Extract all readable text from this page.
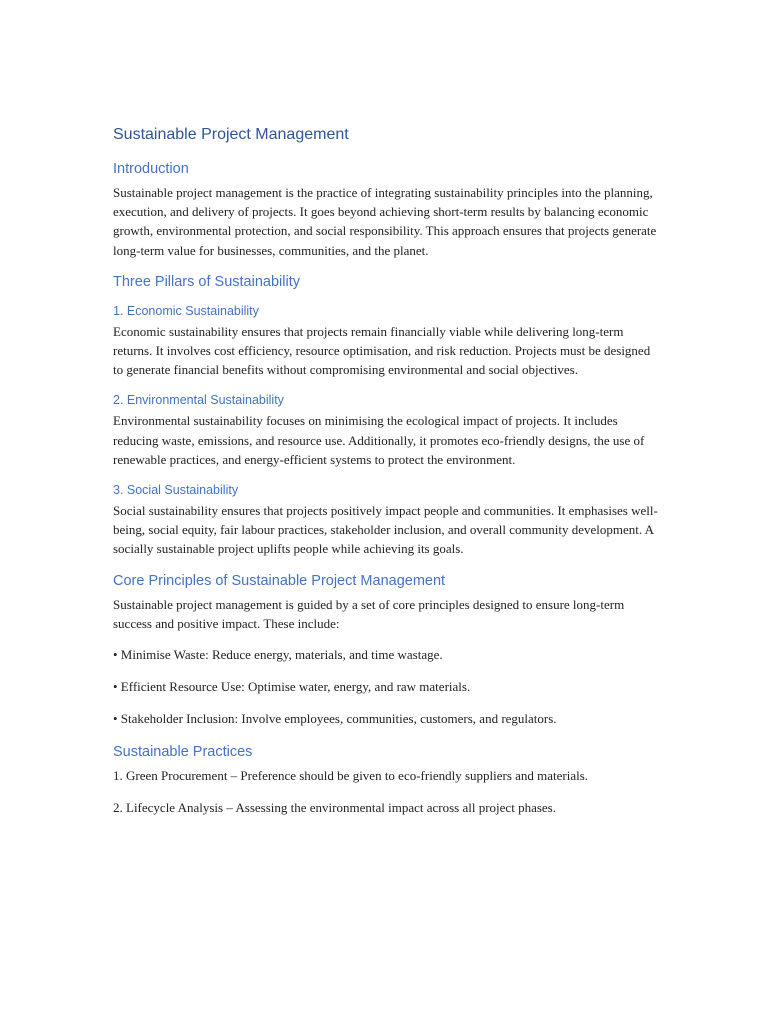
Sustainable Project Management
Introduction

Sustainable project management is the practice of integrating sustainability principles into the planning, execution, and delivery of projects. It goes beyond achieving short-term results by balancing economic growth, environmental protection, and social responsibility. This approach ensures that projects generate long-term value for businesses, communities, and the planet.

Three Pillars of Sustainability
1. Economic Sustainability

Economic sustainability ensures that projects remain financially viable while delivering long-term returns. It involves cost efficiency, resource optimisation, and risk reduction. Projects must be designed to generate financial benefits without compromising environmental and social objectives.

2. Environmental Sustainability

Environmental sustainability focuses on minimising the ecological impact of projects. It includes reducing waste, emissions, and resource use. Additionally, it promotes eco-friendly designs, the use of renewable practices, and energy-efficient systems to protect the environment.

3. Social Sustainability

Social sustainability ensures that projects positively impact people and communities. It emphasises well-being, social equity, fair labour practices, stakeholder inclusion, and overall community development. A socially sustainable project uplifts people while achieving its goals.

Core Principles of Sustainable Project Management

Sustainable project management is guided by a set of core principles designed to ensure long-term success and positive impact. These include:

• Minimise Waste: Reduce energy, materials, and time wastage.

• Efficient Resource Use: Optimise water, energy, and raw materials.

• Stakeholder Inclusion: Involve employees, communities, customers, and regulators.

Sustainable Practices

1. Green Procurement – Preference should be given to eco-friendly suppliers and materials.

2. Lifecycle Analysis – Assessing the environmental impact across all project phases.
